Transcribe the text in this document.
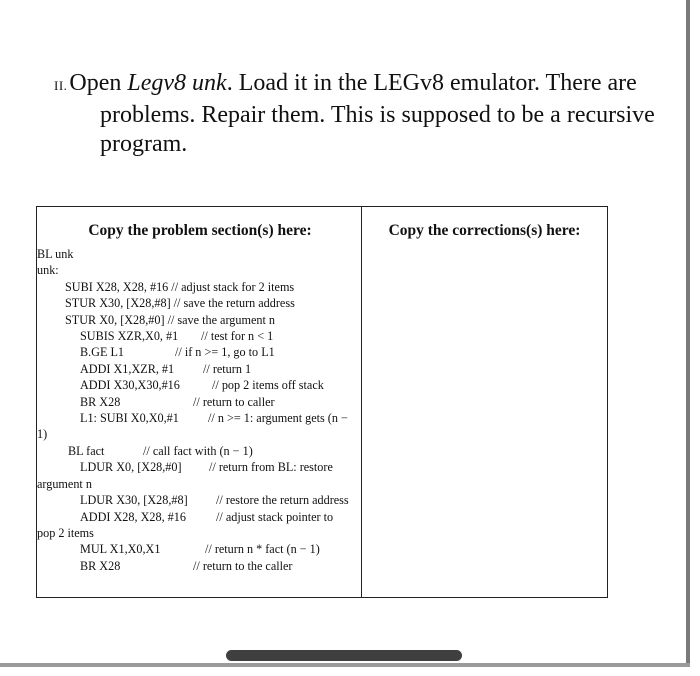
II.Open Legv8 unk. Load it in the LEGv8 emulator. There are
problems. Repair them. This is supposed to be a recursive
program.
Copy the problem section(s) here:
BL unk
unk:
SUBI X28, X28, #16 // adjust stack for 2 items
STUR X30, [X28,#8] // save the return address
STUR X0, [X28,#0] // save the argument n
SUBIS XZR,X0, #1 // test for n < 1
B.GE L1	// if n >= 1, go to L1
ADDI X1,XZR, #1 // return 1
ADDI X30,X30,#16	// pop 2 items off stack
BR X28	// return to caller
L1: SUBI X0,X0,#1 // n >= 1: argument gets (n −
1)
BL fact	// call fact with (n − 1)
LDUR X0, [X28,#0] // return from BL: restore
argument n
LDUR X30, [X28,#8] // restore the return address
ADDI X28, X28, #16 // adjust stack pointer to
pop 2 items
MUL X1,X0,X1	// return n * fact (n − 1)
BR X28	// return to the caller

Copy the corrections(s) here:
